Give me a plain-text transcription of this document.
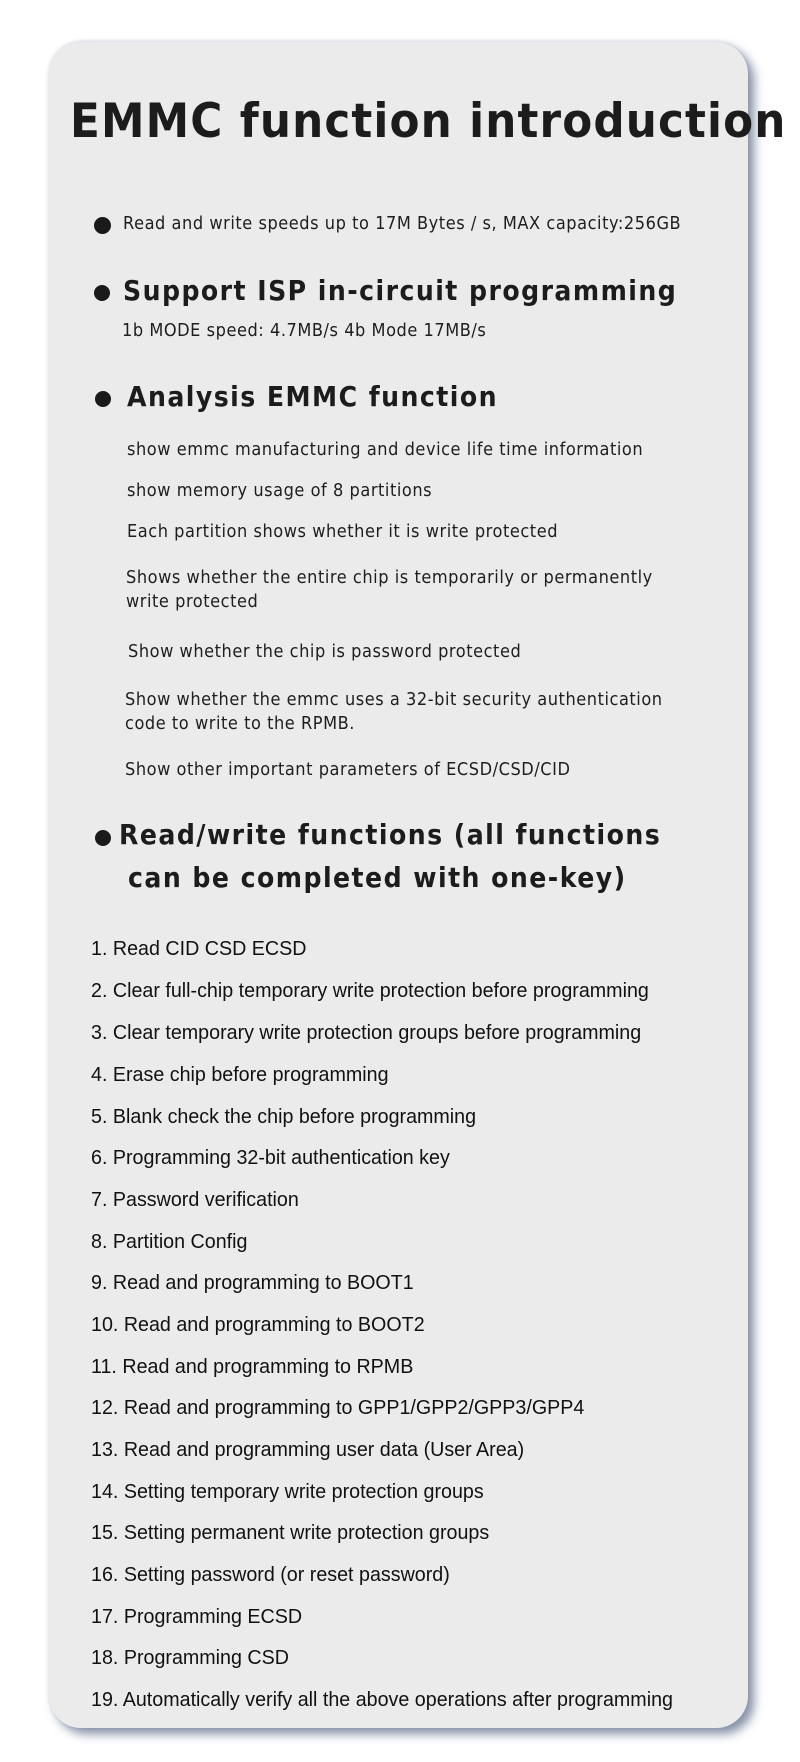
EMMC function introduction
Read and write speeds up to 17M Bytes / s, MAX capacity:256GB
Support ISP in-circuit programming
1b MODE speed: 4.7MB/s 4b Mode 17MB/s
Analysis EMMC function
show emmc manufacturing and device life time information
show memory usage of 8 partitions
Each partition shows whether it is write protected
Shows whether the entire chip is temporarily or permanently
write protected
Show whether the chip is password protected
Show whether the emmc uses a 32-bit security authentication
code to write to the RPMB.
Show other important parameters of ECSD/CSD/CID
Read/write functions (all functions
can be completed with one-key)
1. Read CID CSD ECSD
2. Clear full-chip temporary write protection before programming
3. Clear temporary write protection groups before programming
4. Erase chip before programming
5. Blank check the chip before programming
6. Programming 32-bit authentication key
7. Password verification
8. Partition Config
9. Read and programming to BOOT1
10. Read and programming to BOOT2
11. Read and programming to RPMB
12. Read and programming to GPP1/GPP2/GPP3/GPP4
13. Read and programming user data (User Area)
14. Setting temporary write protection groups
15. Setting permanent write protection groups
16. Setting password (or reset password)
17. Programming ECSD
18. Programming CSD
19. Automatically verify all the above operations after programming
